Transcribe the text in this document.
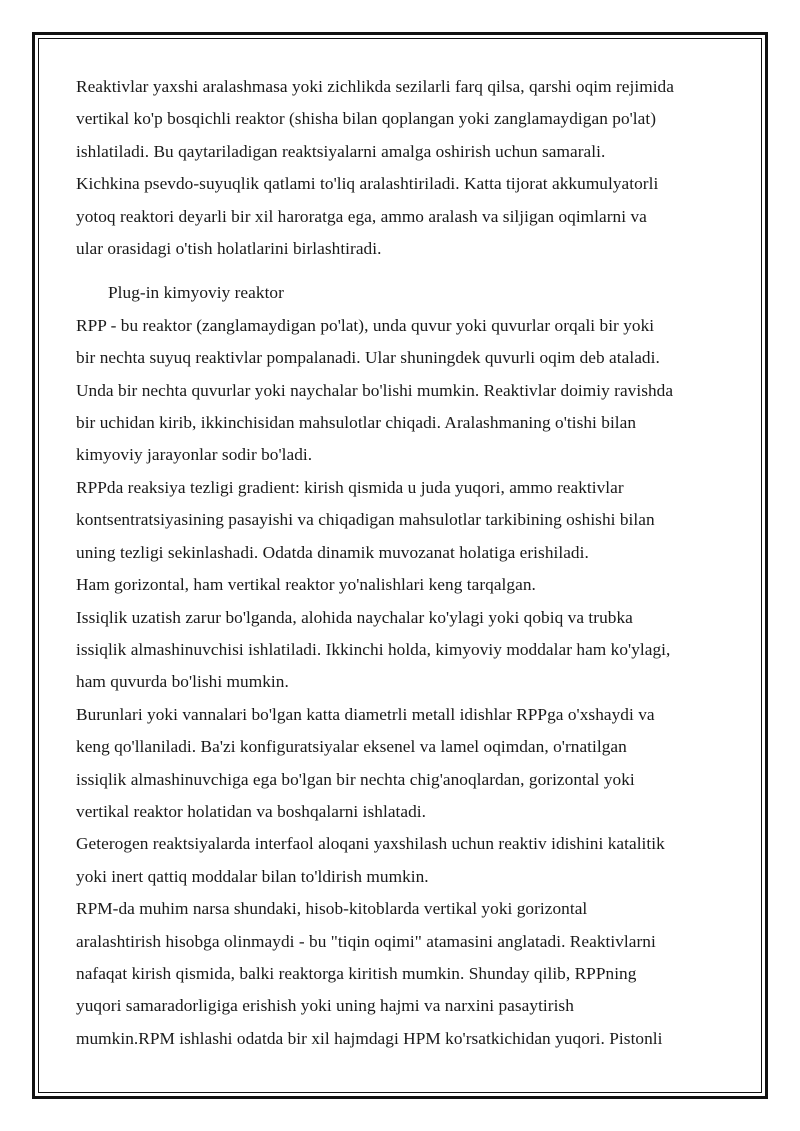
Reaktivlar yaxshi aralashmasa yoki zichlikda sezilarli farq qilsa, qarshi oqim rejimida
vertikal ko'p bosqichli reaktor (shisha bilan qoplangan yoki zanglamaydigan po'lat)
ishlatiladi. Bu qaytariladigan reaktsiyalarni amalga oshirish uchun samarali.
Kichkina psevdo-suyuqlik qatlami to'liq aralashtiriladi. Katta tijorat akkumulyatorli
yotoq reaktori deyarli bir xil haroratga ega, ammo aralash va siljigan oqimlarni va
ular orasidagi o'tish holatlarini birlashtiradi.

Plug-in kimyoviy reaktor

RPP - bu reaktor (zanglamaydigan po'lat), unda quvur yoki quvurlar orqali bir yoki
bir nechta suyuq reaktivlar pompalanadi. Ular shuningdek quvurli oqim deb ataladi.
Unda bir nechta quvurlar yoki naychalar bo'lishi mumkin. Reaktivlar doimiy ravishda
bir uchidan kirib, ikkinchisidan mahsulotlar chiqadi. Aralashmaning o'tishi bilan
kimyoviy jarayonlar sodir bo'ladi.

RPPda reaksiya tezligi gradient: kirish qismida u juda yuqori, ammo reaktivlar
kontsentratsiyasining pasayishi va chiqadigan mahsulotlar tarkibining oshishi bilan
uning tezligi sekinlashadi. Odatda dinamik muvozanat holatiga erishiladi.

Ham gorizontal, ham vertikal reaktor yo'nalishlari keng tarqalgan.

Issiqlik uzatish zarur bo'lganda, alohida naychalar ko'ylagi yoki qobiq va trubka
issiqlik almashinuvchisi ishlatiladi. Ikkinchi holda, kimyoviy moddalar ham ko'ylagi,
ham quvurda bo'lishi mumkin.

Burunlari yoki vannalari bo'lgan katta diametrli metall idishlar RPPga o'xshaydi va
keng qo'llaniladi. Ba'zi konfiguratsiyalar eksenel va lamel oqimdan, o'rnatilgan
issiqlik almashinuvchiga ega bo'lgan bir nechta chig'anoqlardan, gorizontal yoki
vertikal reaktor holatidan va boshqalarni ishlatadi.

Geterogen reaktsiyalarda interfaol aloqani yaxshilash uchun reaktiv idishini katalitik
yoki inert qattiq moddalar bilan to'ldirish mumkin.

RPM-da muhim narsa shundaki, hisob-kitoblarda vertikal yoki gorizontal
aralashtirish hisobga olinmaydi - bu "tiqin oqimi" atamasini anglatadi. Reaktivlarni
nafaqat kirish qismida, balki reaktorga kiritish mumkin. Shunday qilib, RPPning
yuqori samaradorligiga erishish yoki uning hajmi va narxini pasaytirish
mumkin.RPM ishlashi odatda bir xil hajmdagi HPM ko'rsatkichidan yuqori. Pistonli
